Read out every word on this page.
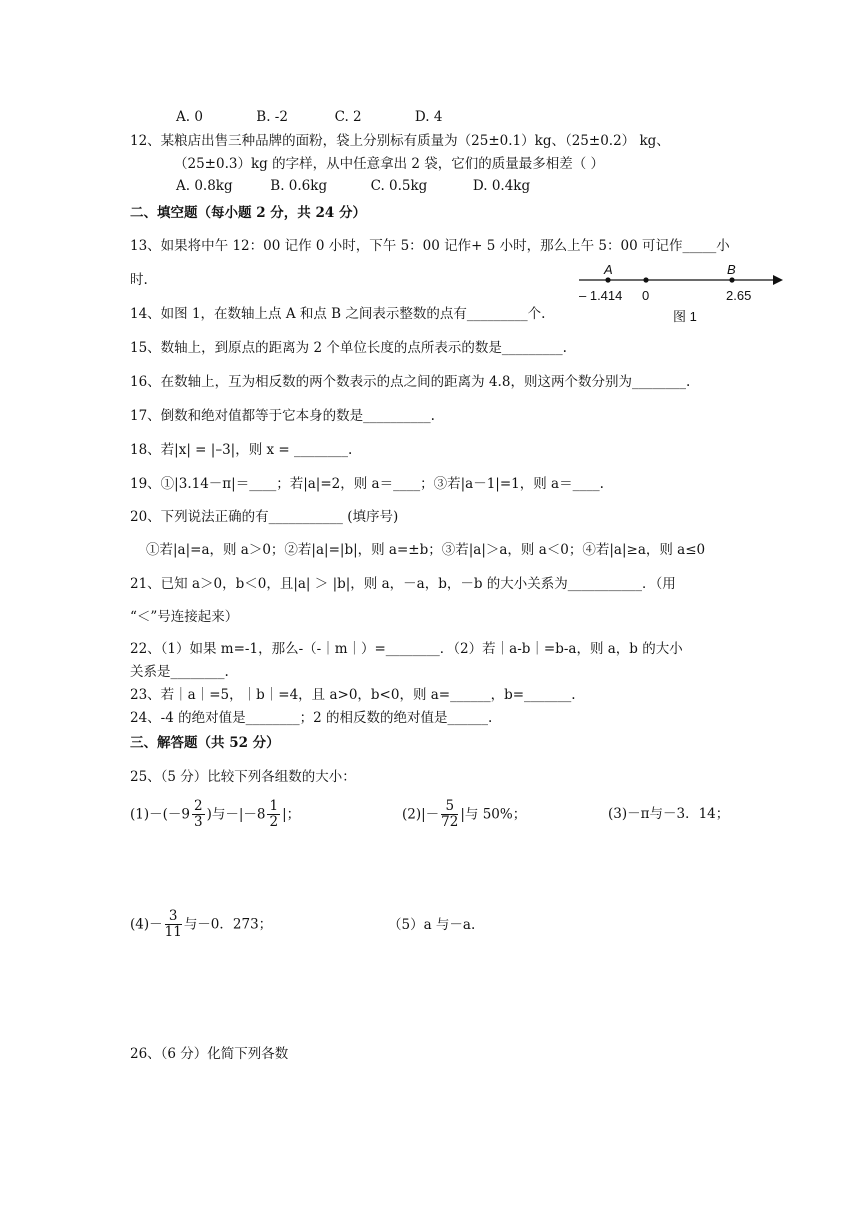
A. 0	B. -2	C. 2	D. 4
12、某粮店出售三种品牌的面粉，袋上分别标有质量为（25±0.1）kg、（25±0.2） kg、
（25±0.3）kg 的字样，从中任意拿出 2 袋，它们的质量最多相差（ ）
A. 0.8kg	B. 0.6kg	C. 0.5kg	D. 0.4kg
二、填空题（每小题 2 分，共 24 分）
13、如果将中午 12：00 记作 0 小时，下午 5：00 记作+ 5 小时，那么上午 5：00 可记作_____小
时.
A	B
– 1.414 0	2.65
图 1
14、如图 1，在数轴上点 A 和点 B 之间表示整数的点有_________个.
15、数轴上，到原点的距离为 2 个单位长度的点所表示的数是_________.
16、在数轴上，互为相反数的两个数表示的点之间的距离为 4.8，则这两个数分别为________.
17、倒数和绝对值都等于它本身的数是__________.
18、若|x| = |–3|，则 x = ________.
19、①|3.14－π|＝____；若|a|=2，则 a＝____；③若|a－1|=1，则 a＝____.
20、下列说法正确的有___________ (填序号)
①若|a|=a，则 a＞0；②若|a|=|b|，则 a=±b；③若|a|＞a，则 a＜0；④若|a|≥a，则 a≤0
21、已知 a＞0，b＜0，且|a| ＞ |b|，则 a，－a，b，－b 的大小关系为___________．（用
“＜”号连接起来）
22、（1）如果 m=-1，那么-（-｜m｜）=________．（2）若｜a-b｜=b-a，则 a，b 的大小
关系是________.
23、若｜a｜=5，｜b｜=4，且 a>0，b<0，则 a=______，b=_______.
24、-4 的绝对值是________；2 的相反数的绝对值是______.
三、解答题（共 52 分）
25、（5 分）比较下列各组数的大小：
$(1)-(-9 \frac{2}{3}$ )与$-|-8 \frac{1}{2}$ |；	$(2)|- \frac{5}{72}$ |与 50%；	(3)－π与－3．14；
$(4)- \frac{3}{11}$ 与－0．273；	（5）a 与－a.
26、（6 分）化简下列各数
